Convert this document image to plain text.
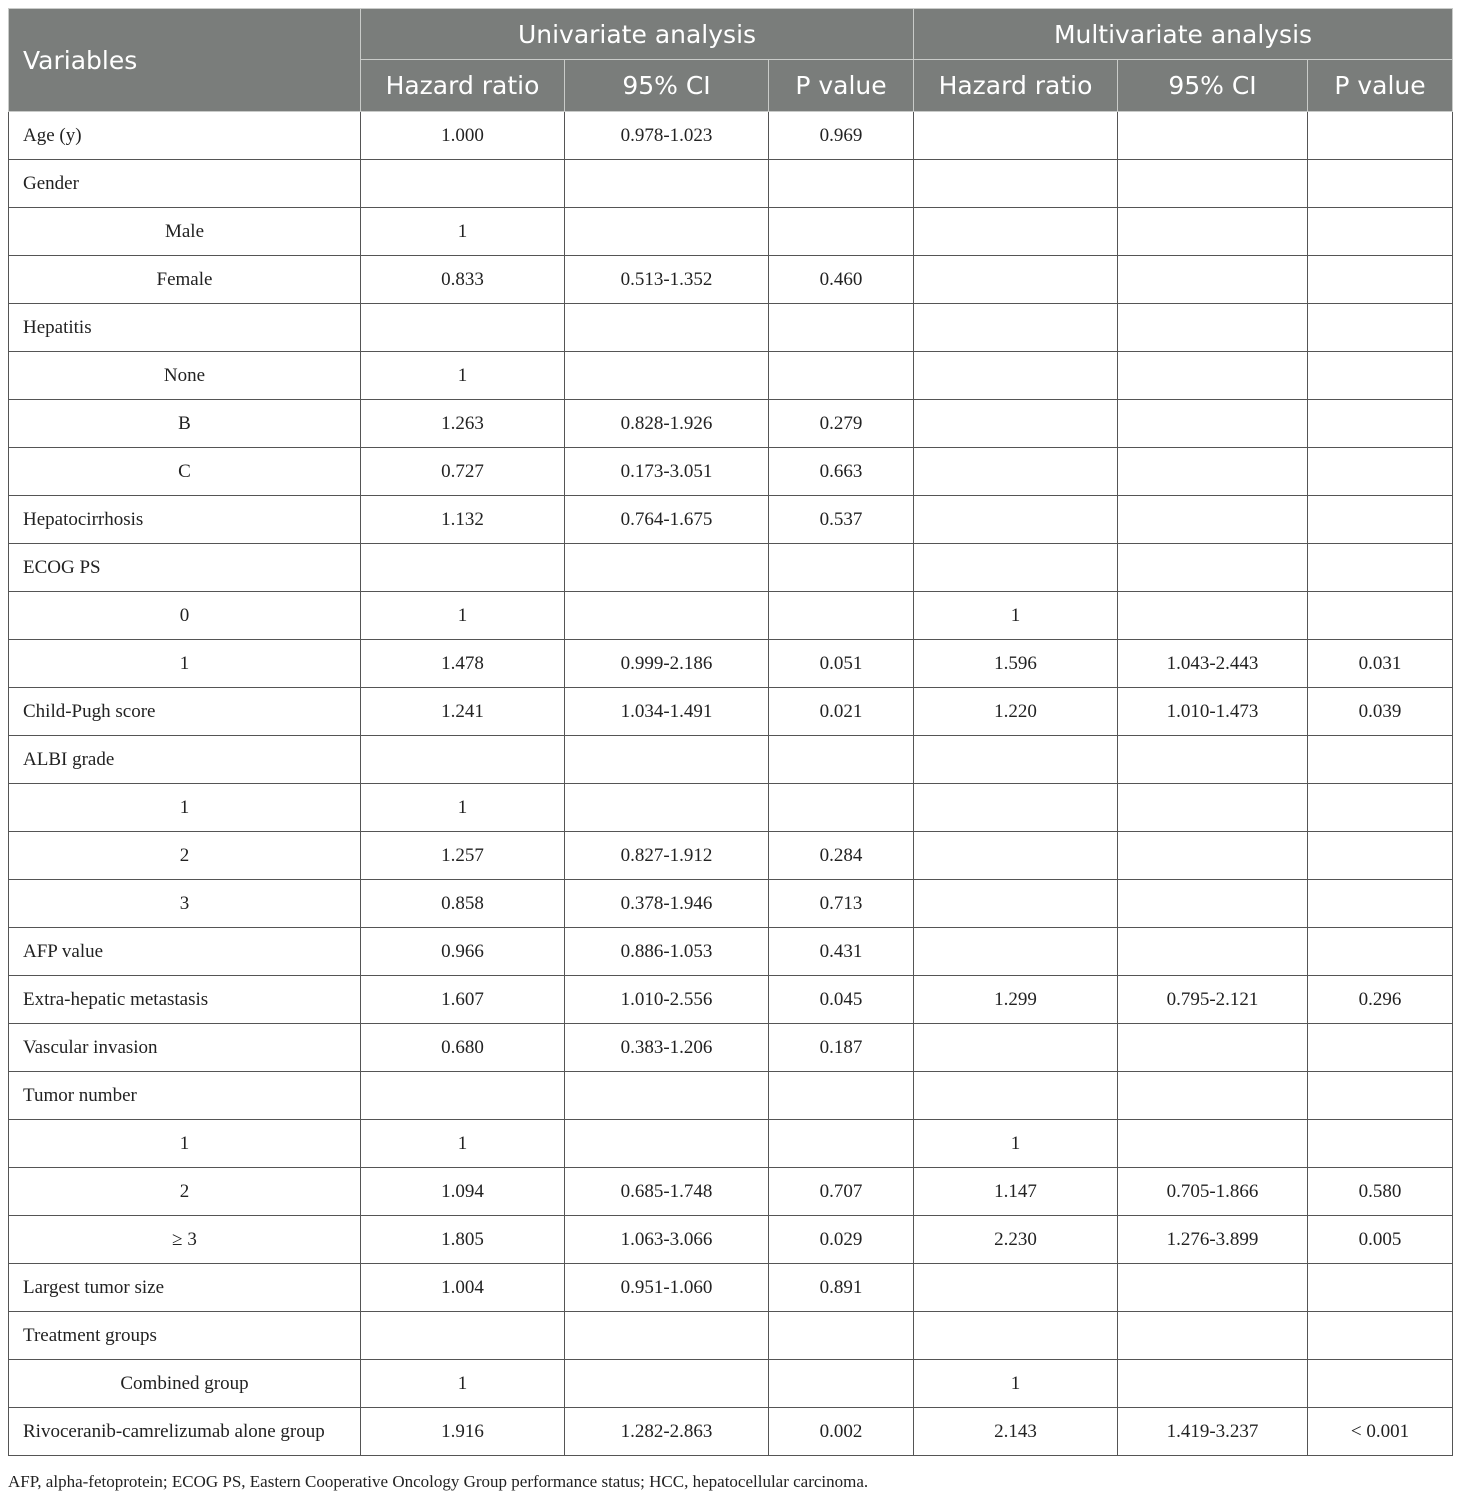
Variables	Univariate analysis			Multivariate analysis		
	Hazard ratio	95% CI	P value	Hazard ratio	95% CI	P value
Age (y)	1.000	0.978-1.023	0.969			
Gender						
Male	1					
Female	0.833	0.513-1.352	0.460			
Hepatitis						
None	1					
B	1.263	0.828-1.926	0.279			
C	0.727	0.173-3.051	0.663			
Hepatocirrhosis	1.132	0.764-1.675	0.537			
ECOG PS						
0	1			1		
1	1.478	0.999-2.186	0.051	1.596	1.043-2.443	0.031
Child-Pugh score	1.241	1.034-1.491	0.021	1.220	1.010-1.473	0.039
ALBI grade						
1	1					
2	1.257	0.827-1.912	0.284			
3	0.858	0.378-1.946	0.713			
AFP value	0.966	0.886-1.053	0.431			
Extra-hepatic metastasis	1.607	1.010-2.556	0.045	1.299	0.795-2.121	0.296
Vascular invasion	0.680	0.383-1.206	0.187			
Tumor number						
1	1			1		
2	1.094	0.685-1.748	0.707	1.147	0.705-1.866	0.580
≥ 3	1.805	1.063-3.066	0.029	2.230	1.276-3.899	0.005
Largest tumor size	1.004	0.951-1.060	0.891			
Treatment groups						
Combined group	1			1		
Rivoceranib-camrelizumab alone group	1.916	1.282-2.863	0.002	2.143	1.419-3.237	< 0.001
AFP, alpha-fetoprotein; ECOG PS, Eastern Cooperative Oncology Group performance status; HCC, hepatocellular carcinoma.
